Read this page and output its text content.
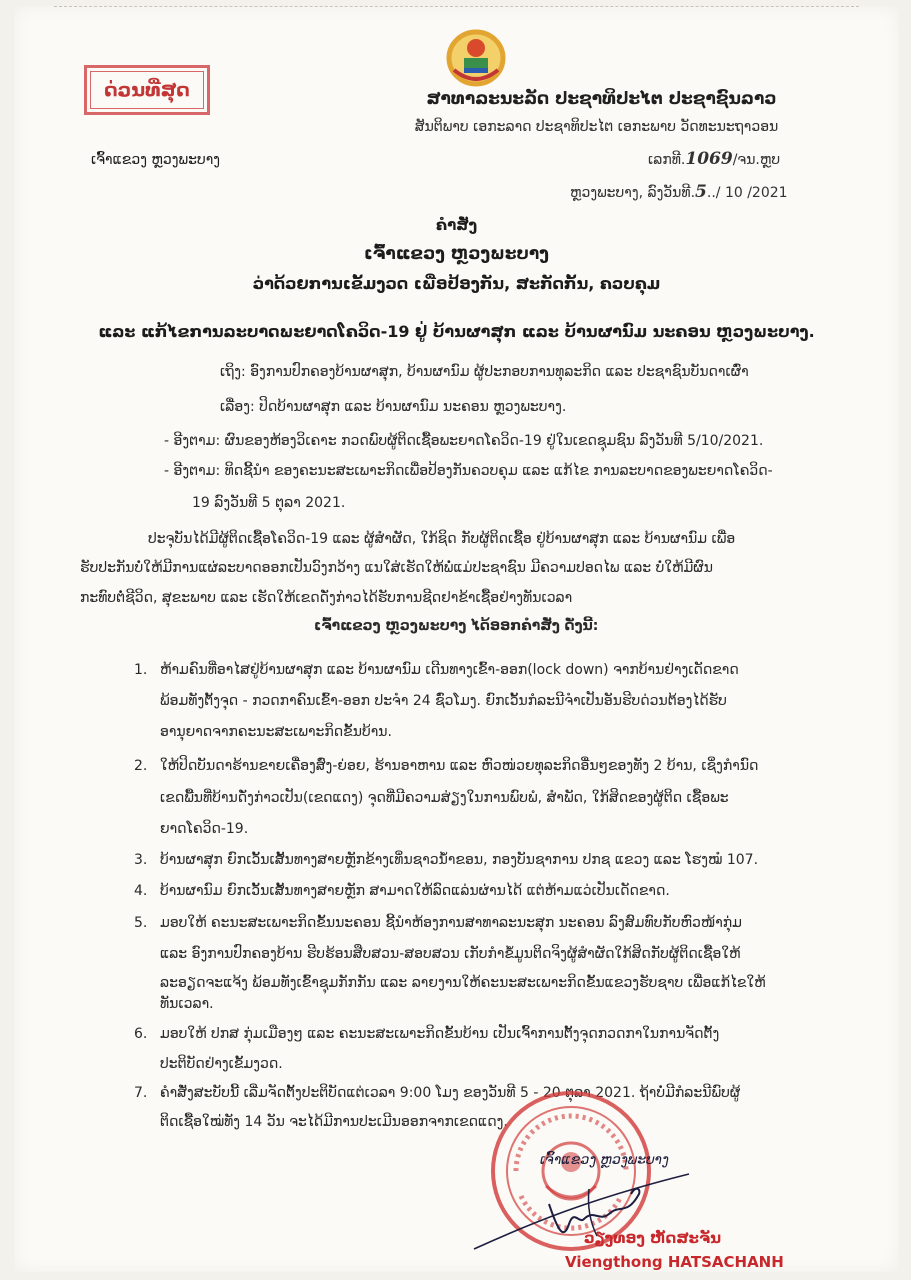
ດ່ວນທີ່ສຸດ	ສາທາລະນະລັດ ປະຊາທິປະໄຕ ປະຊາຊົນລາວ
ສັນຕິພາບ ເອກະລາດ ປະຊາທິປະໄຕ ເອກະພາບ ວັດທະນະຖາວອນ
ເຈົ້າແຂວງ ຫຼວງພະບາງ	ເລກທີ.1069/ຈນ.ຫຼບ
ຫຼວງພະບາງ, ລົງວັນທີ.5../ 10 /2021
ຄຳສັ່ງ
ເຈົ້າແຂວງ ຫຼວງພະບາງ
ວ່າດ້ວຍການເຂັ້ມງວດ ເພື່ອປ້ອງກັນ, ສະກັດກັ້ນ, ຄວບຄຸມ
ແລະ ແກ້ໄຂການລະບາດພະຍາດໂຄວິດ-19 ຢູ່ ບ້ານຜາສຸກ ແລະ ບ້ານຜານົມ ນະຄອນ ຫຼວງພະບາງ.
ເຖິງ: ອົງການປົກຄອງບ້ານຜາສຸກ, ບ້ານຜານົມ ຜູ້ປະກອບການທຸລະກິດ ແລະ ປະຊາຊົນບັນດາເຜົ່າ
ເລື່ອງ: ປິດບ້ານຜາສຸກ ແລະ ບ້ານຜານົມ ນະຄອນ ຫຼວງພະບາງ.
- ອີງຕາມ: ຜົນຂອງຫ້ອງວິເຄາະ ກວດພົບຜູ້ຕິດເຊື້ອພະຍາດໂຄວິດ-19 ຢູ່ໃນເຂດຊຸມຊົນ ລົງວັນທີ 5/10/2021.
- ອີງຕາມ: ທິດຊີ້ນຳ ຂອງຄະນະສະເພາະກິດເພື່ອປ້ອງກັນຄວບຄຸມ ແລະ ແກ້ໄຂ ການລະບາດຂອງພະຍາດໂຄວິດ-
19 ລົງວັນທີ 5 ຕຸລາ 2021.
ປະຈຸບັນໄດ້ມີຜູ້ຕິດເຊື້ອໂຄວິດ-19 ແລະ ຜູ້ສຳຜັດ, ໃກ້ຊິດ ກັບຜູ້ຕິດເຊື້ອ ຢູ່ບ້ານຜາສຸກ ແລະ ບ້ານຜານົມ ເພື່ອ
ຮັບປະກັນບໍ່ໃຫ້ມີການແຜ່ລະບາດອອກເປັນວົງກວ້າງ ແນໃສ່ເຮັດໃຫ້ພໍ່ແມ່ປະຊາຊົນ ມີຄວາມປອດໄພ ແລະ ບໍ່ໃຫ້ມີຜົນ
ກະທົບຕໍ່ຊີວິດ, ສຸຂະພາບ ແລະ ເຮັດໃຫ້ເຂດດັ່ງກ່າວໄດ້ຮັບການຊີດຢາຂ້າເຊື້ອຢ່າງທັນເວລາ
ເຈົ້າແຂວງ ຫຼວງພະບາງ ໄດ້ອອກຄຳສັ່ງ ດັ່ງນີ້:
1. ຫ້າມຄົນທີ່ອາໄສຢູ່ບ້ານຜາສຸກ ແລະ ບ້ານຜານົມ ເດີນທາງເຂົ້າ-ອອກ(lock down) ຈາກບ້ານຢ່າງເດັດຂາດ
ພ້ອມທັງຕັ້ງຈຸດ - ກວດກາຄົນເຂົ້າ-ອອກ ປະຈຳ 24 ຊົ່ວໂມງ. ຍົກເວັ້ນກໍລະນີຈຳເປັນອັນຮີບດ່ວນຕ້ອງໄດ້ຮັບ
ອານຸຍາດຈາກຄະນະສະເພາະກິດຂັ້ນບ້ານ.
2. ໃຫ້ປິດບັນດາຮ້ານຂາຍເຄື່ອງສົ່ງ-ຍ່ອຍ, ຮ້ານອາຫານ ແລະ ຫົວໜ່ວຍທຸລະກິດອື່ນໆຂອງທັງ 2 ບ້ານ, ເຊິ່ງກຳນົດ
ເຂດພື້ນທີ່ບ້ານດັ່ງກ່າວເປັນ(ເຂດແດງ) ຈຸດທີ່ມີຄວາມສ່ຽງໃນການພົບພໍ, ສຳພັດ, ໃກ້ສິດຂອງຜູ້ຕິດ ເຊື້ອພະ
ຍາດໂຄວິດ-19.
3. ບ້ານຜາສຸກ ຍົກເວັ້ນເສັ້ນທາງສາຍຫຼັກຂ້າງເທິ່ນຊາວນ້ຳຂອນ, ກອງບັນຊາການ ປກຊ ແຂວງ ແລະ ໂຮງໝໍ 107.
4. ບ້ານຜານົມ ຍົກເວັ້ນເສັ້ນທາງສາຍຫຼັກ ສາມາດໃຫ້ລົດແລ່ນຜ່ານໄດ້ ແຕ່ຫ້າມແວ່ເປັນເດັດຂາດ.
5. ມອບໃຫ້ ຄະນະສະເພາະກິດຂັ້ນນະຄອນ ຊີ້ນຳຫ້ອງການສາທາລະນະສຸກ ນະຄອນ ລົງສົມທົບກັບຫົວໜ້າກຸ່ມ
ແລະ ອົງການປົກຄອງບ້ານ ຮີບຮ້ອນສືບສວນ-ສອບສວນ ເກັບກຳຂໍ້ມູນຕິດຈິງຜູ້ສຳຜັດໃກ້ສິດກັບຜູ້ຕິດເຊື້ອໃຫ້
ລະອຽດຈະແຈ້ງ ພ້ອມທັງເຂົ້າຊຸມກັກກັນ ແລະ ລາຍງານໃຫ້ຄະນະສະເພາະກິດຂັ້ນແຂວງຮັບຊາບ ເພື່ອແກ້ໄຂໃຫ້
ທັນເວລາ.
6. ມອບໃຫ້ ປກສ ກຸ່ມເມືອງໆ ແລະ ຄະນະສະເພາະກິດຂັ້ນບ້ານ ເປັນເຈົ້າການຕັ້ງຈຸດກວດກາໃນການຈັດຕັ້ງ
ປະຕິບັດຢ່າງເຂັ້ມງວດ.
7. ຄຳສັ່ງສະບັບນີ້ ເລີ່ມຈັດຕັ້ງປະຕິບັດແຕ່ເວລາ 9:00 ໂມງ ຂອງວັນທີ 5 - 20 ຕຸລາ 2021. ຖ້າບໍ່ມີກໍລະນີພົບຜູ້
ຕິດເຊື້ອໃໝ່ທັງ 14 ວັນ ຈະໄດ້ມີການປະເມີນອອກຈາກເຂດແດງ.
ເຈົ້າແຂວງ ຫຼວງພະບາງ
ວຽງທອງ ຫັດສະຈັນ
Viengthong HATSACHANH
